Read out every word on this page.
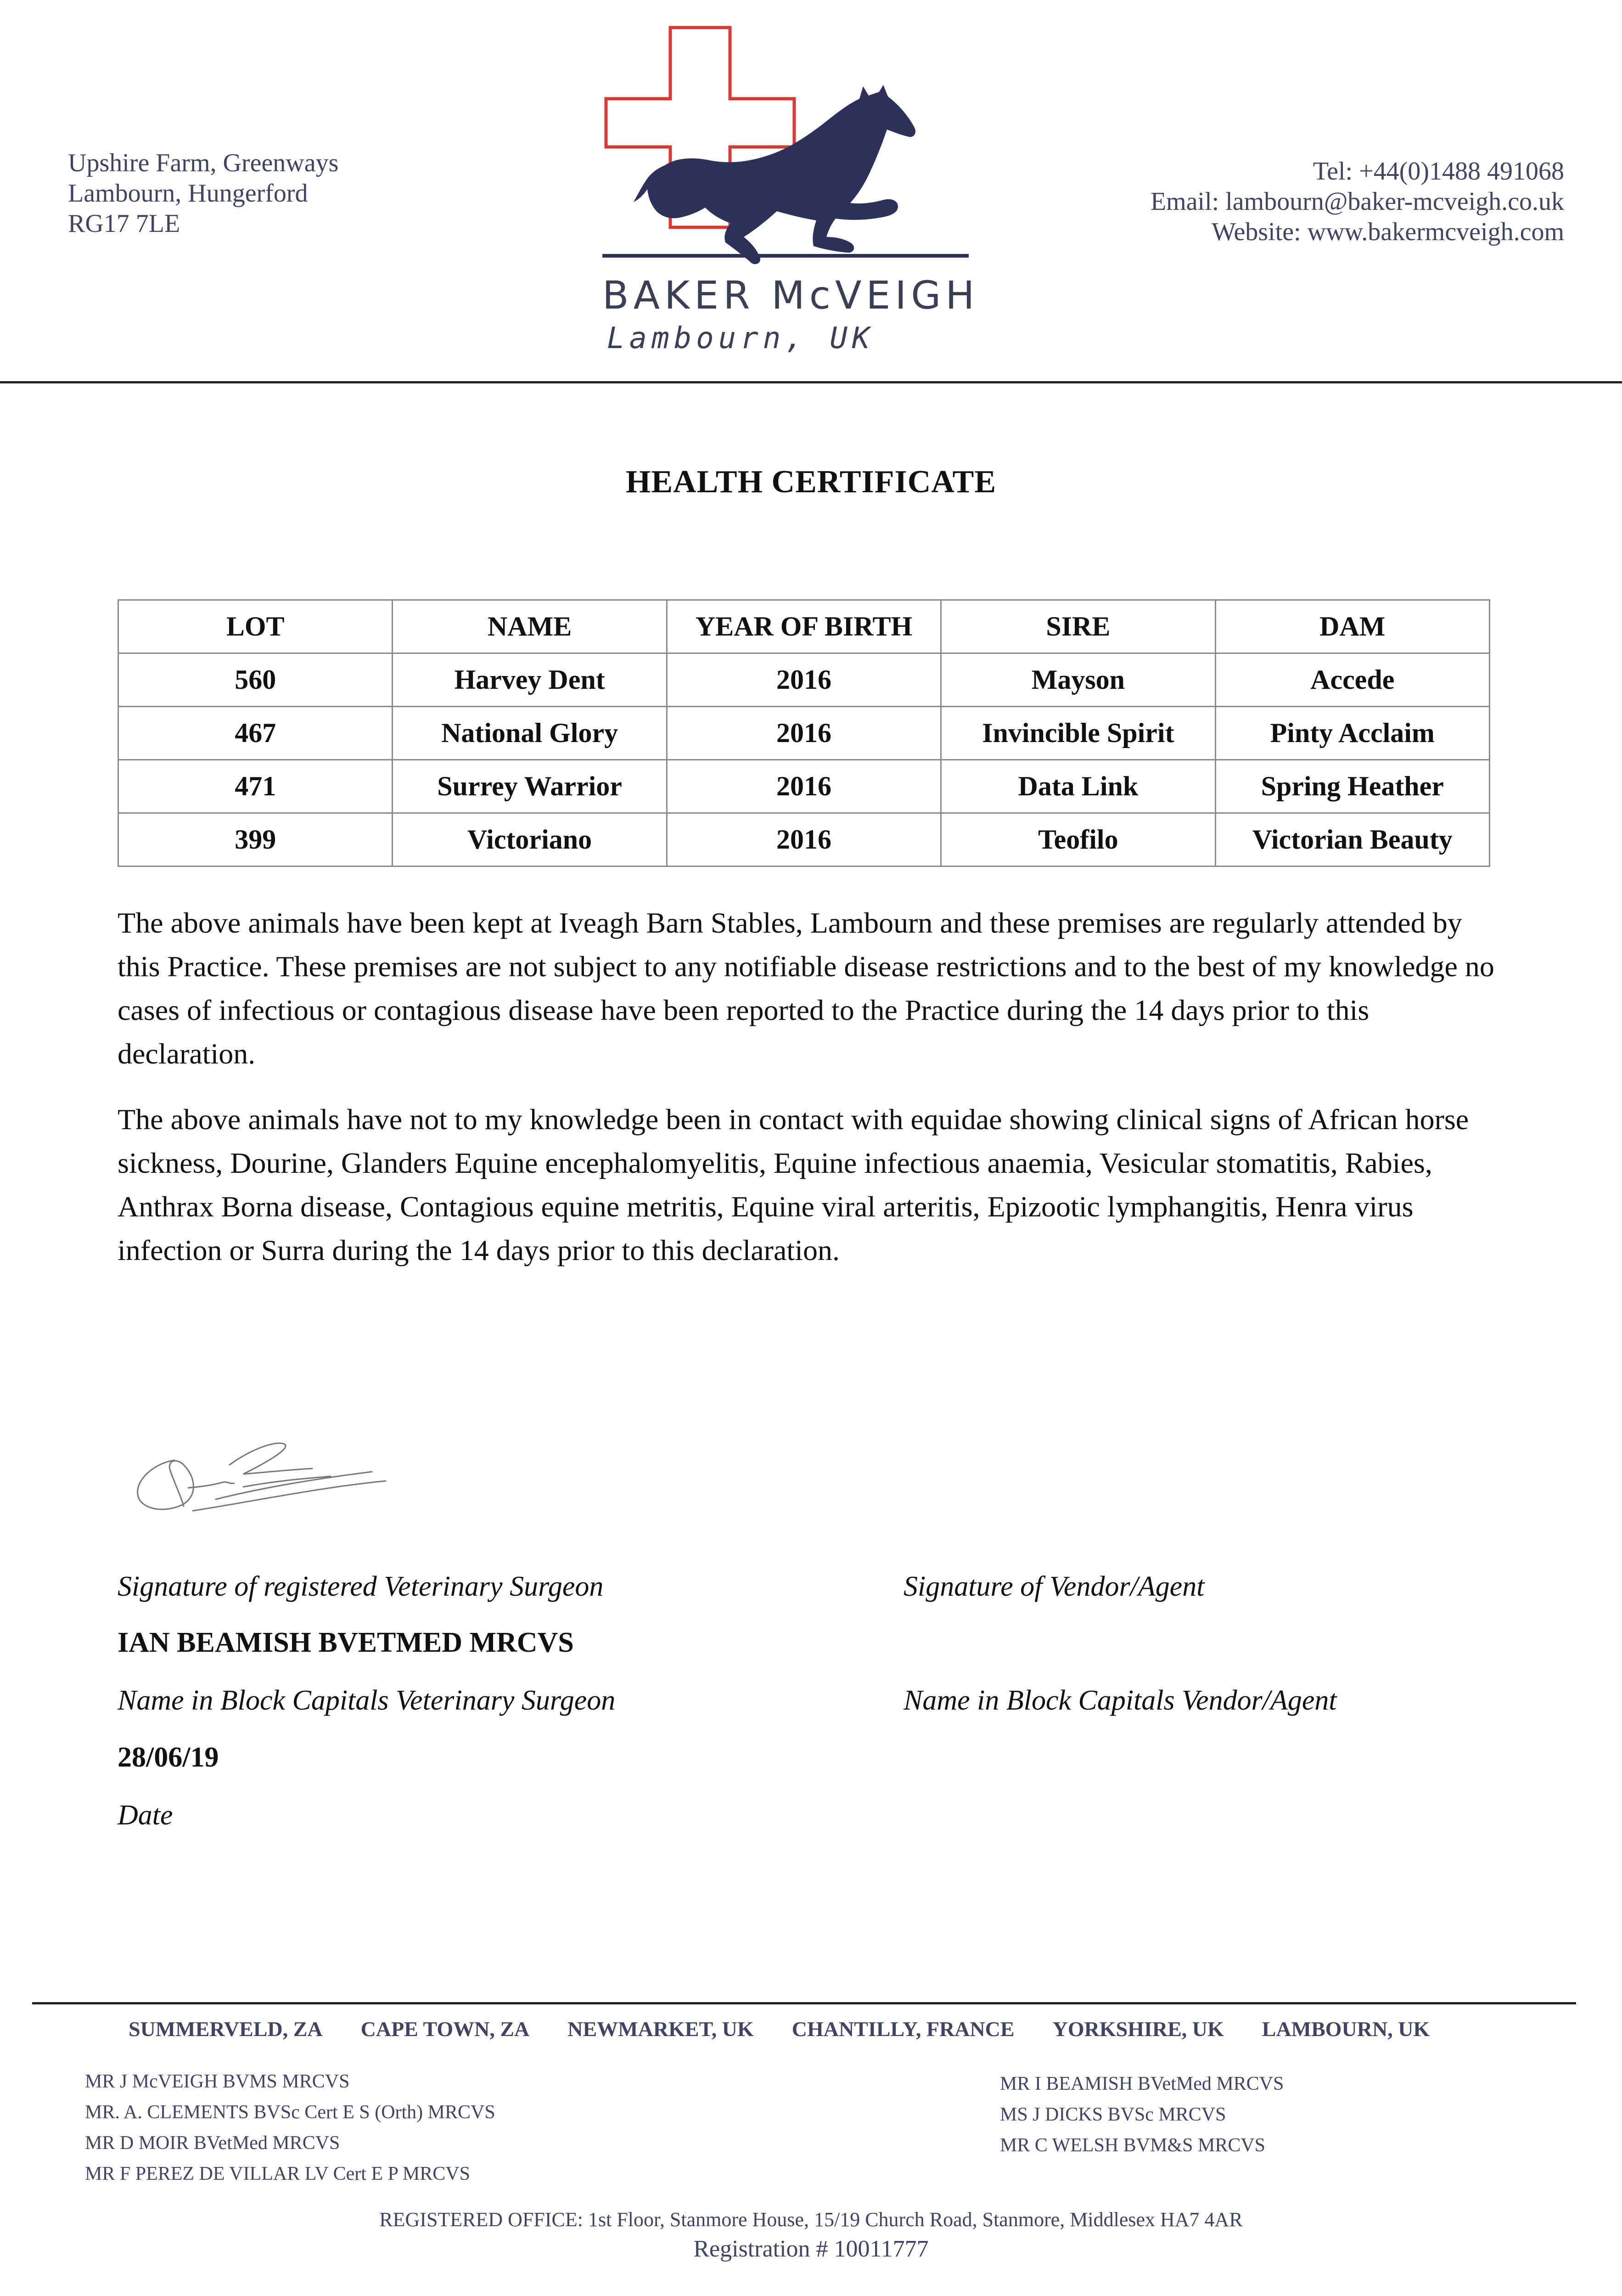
Upshire Farm, Greenways
Lambourn, Hungerford
RG17 7LE
BAKER McVEIGH
Lambourn, UK
Tel: +44(0)1488 491068
Email: lambourn@baker-mcveigh.co.uk
Website: www.bakermcveigh.com
HEALTH CERTIFICATE
LOT	NAME	YEAR OF BIRTH	SIRE	DAM
560	Harvey Dent	2016	Mayson	Accede
467	National Glory	2016	Invincible Spirit	Pinty Acclaim
471	Surrey Warrior	2016	Data Link	Spring Heather
399	Victoriano	2016	Teofilo	Victorian Beauty
The above animals have been kept at Iveagh Barn Stables, Lambourn and these premises are regularly attended by this Practice. These premises are not subject to any notifiable disease restrictions and to the best of my knowledge no cases of infectious or contagious disease have been reported to the Practice during the 14 days prior to this declaration.
The above animals have not to my knowledge been in contact with equidae showing clinical signs of African horse sickness, Dourine, Glanders Equine encephalomyelitis, Equine infectious anaemia, Vesicular stomatitis, Rabies, Anthrax Borna disease, Contagious equine metritis, Equine viral arteritis, Epizootic lymphangitis, Henra virus infection or Surra during the 14 days prior to this declaration.
Signature of registered Veterinary Surgeon	Signature of Vendor/Agent
IAN BEAMISH BVETMED MRCVS
Name in Block Capitals Veterinary Surgeon	Name in Block Capitals Vendor/Agent
28/06/19
Date
SUMMERVELD, ZA CAPE TOWN, ZA NEWMARKET, UK CHANTILLY, FRANCE YORKSHIRE, UK LAMBOURN, UK
MR J McVEIGH BVMS MRCVS
MR. A. CLEMENTS BVSc Cert E S (Orth) MRCVS
MR D MOIR BVetMed MRCVS
MR F PEREZ DE VILLAR LV Cert E P MRCVS
MR I BEAMISH BVetMed MRCVS
MS J DICKS BVSc MRCVS
MR C WELSH BVM&S MRCVS
REGISTERED OFFICE: 1st Floor, Stanmore House, 15/19 Church Road, Stanmore, Middlesex HA7 4AR
Registration # 10011777
